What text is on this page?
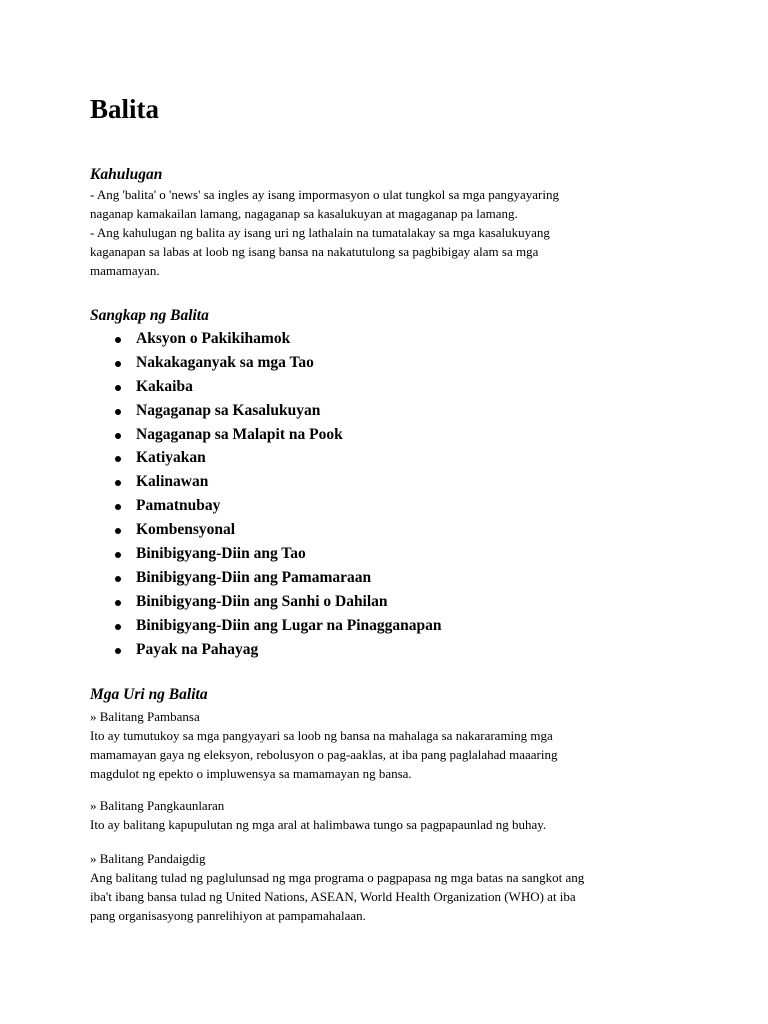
Balita
Kahulugan
- Ang 'balita' o 'news' sa ingles ay isang impormasyon o ulat tungkol sa mga pangyayaring
naganap kamakailan lamang, nagaganap sa kasalukuyan at magaganap pa lamang.
- Ang kahulugan ng balita ay isang uri ng lathalain na tumatalakay sa mga kasalukuyang
kaganapan sa labas at loob ng isang bansa na nakatutulong sa pagbibigay alam sa mga
mamamayan.
Sangkap ng Balita
Aksyon o Pakikihamok
Nakakaganyak sa mga Tao
Kakaiba
Nagaganap sa Kasalukuyan
Nagaganap sa Malapit na Pook
Katiyakan
Kalinawan
Pamatnubay
Kombensyonal
Binibigyang-Diin ang Tao
Binibigyang-Diin ang Pamamaraan
Binibigyang-Diin ang Sanhi o Dahilan
Binibigyang-Diin ang Lugar na Pinagganapan
Payak na Pahayag
Mga Uri ng Balita
» Balitang Pambansa
Ito ay tumutukoy sa mga pangyayari sa loob ng bansa na mahalaga sa nakararaming mga
mamamayan gaya ng eleksyon, rebolusyon o pag-aaklas, at iba pang paglalahad maaaring
magdulot ng epekto o impluwensya sa mamamayan ng bansa.
» Balitang Pangkaunlaran
Ito ay balitang kapupulutan ng mga aral at halimbawa tungo sa pagpapaunlad ng buhay.
» Balitang Pandaigdig
Ang balitang tulad ng paglulunsad ng mga programa o pagpapasa ng mga batas na sangkot ang
iba't ibang bansa tulad ng United Nations, ASEAN, World Health Organization (WHO) at iba
pang organisasyong panrelihiyon at pampamahalaan.
